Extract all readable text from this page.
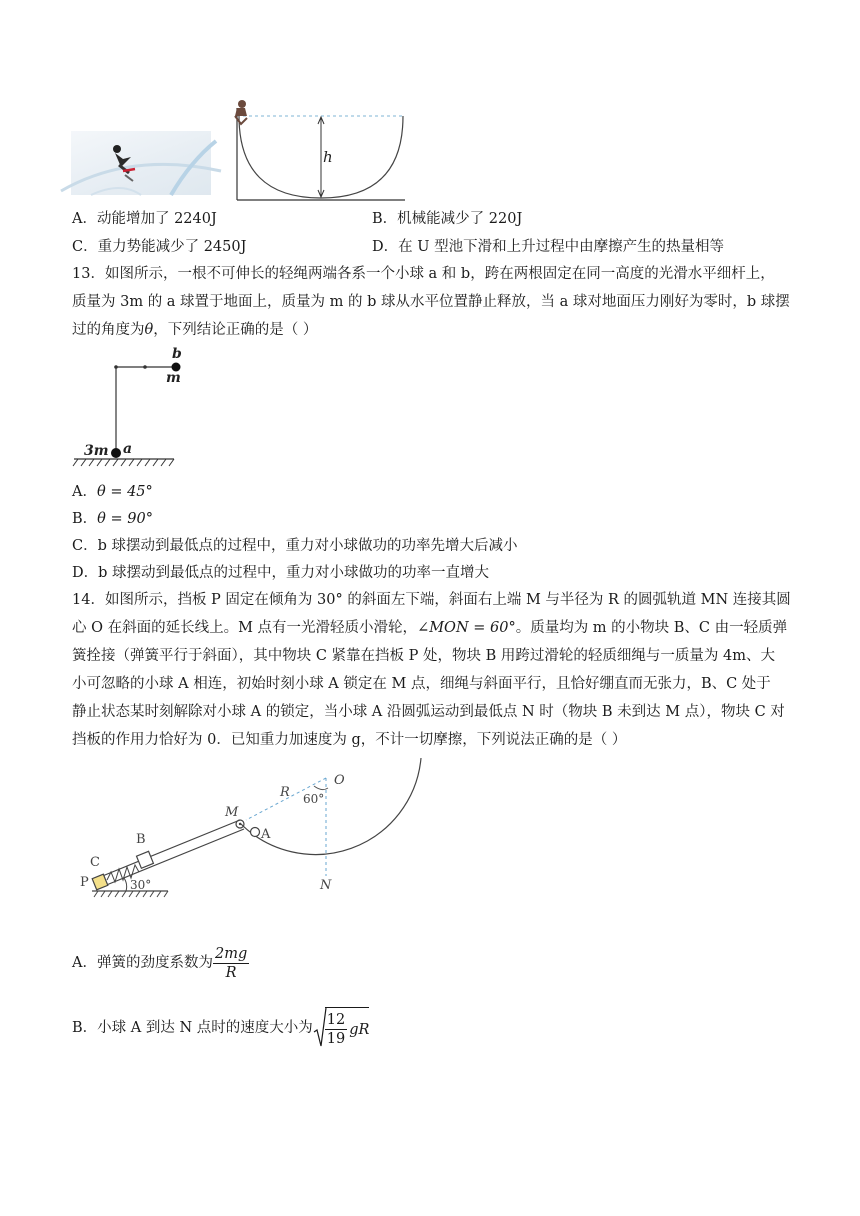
h
A．动能增加了 2240J	B．机械能减少了 220J
C．重力势能减少了 2450J	D．在 U 型池下滑和上升过程中由摩擦产生的热量相等
13．如图所示，一根不可伸长的轻绳两端各系一个小球 a 和 b，跨在两根固定在同一高度的光滑水平细杆上，
质量为 3m 的 a 球置于地面上，质量为 m 的 b 球从水平位置静止释放，当 a 球对地面压力刚好为零时，b 球摆
过的角度为θ，下列结论正确的是（ ）
b
m
a
3m
A．θ = 45°
B．θ = 90°
C．b 球摆动到最低点的过程中，重力对小球做功的功率先增大后减小
D．b 球摆动到最低点的过程中，重力对小球做功的功率一直增大
14．如图所示，挡板 P 固定在倾角为 30° 的斜面左下端，斜面右上端 M 与半径为 R 的圆弧轨道 MN 连接其圆
心 O 在斜面的延长线上。M 点有一光滑轻质小滑轮，∠MON = 60°。质量均为 m 的小物块 B、C 由一轻质弹
簧拴接（弹簧平行于斜面），其中物块 C 紧靠在挡板 P 处，物块 B 用跨过滑轮的轻质细绳与一质量为 4m、大
小可忽略的小球 A 相连，初始时刻小球 A 锁定在 M 点，细绳与斜面平行，且恰好绷直而无张力，B、C 处于
静止状态某时刻解除对小球 A 的锁定，当小球 A 沿圆弧运动到最低点 N 时（物块 B 未到达 M 点），物块 C 对
挡板的作用力恰好为 0．已知重力加速度为 g，不计一切摩擦，下列说法正确的是（ ）
R 60°
O
N
M
A
B
C
P	30°
A．弹簧的劲度系数为 $\frac{2mg}{R}$
B．小球 A 到达 N 点时的速度大小为 $\frac{12}{19}$ gR
